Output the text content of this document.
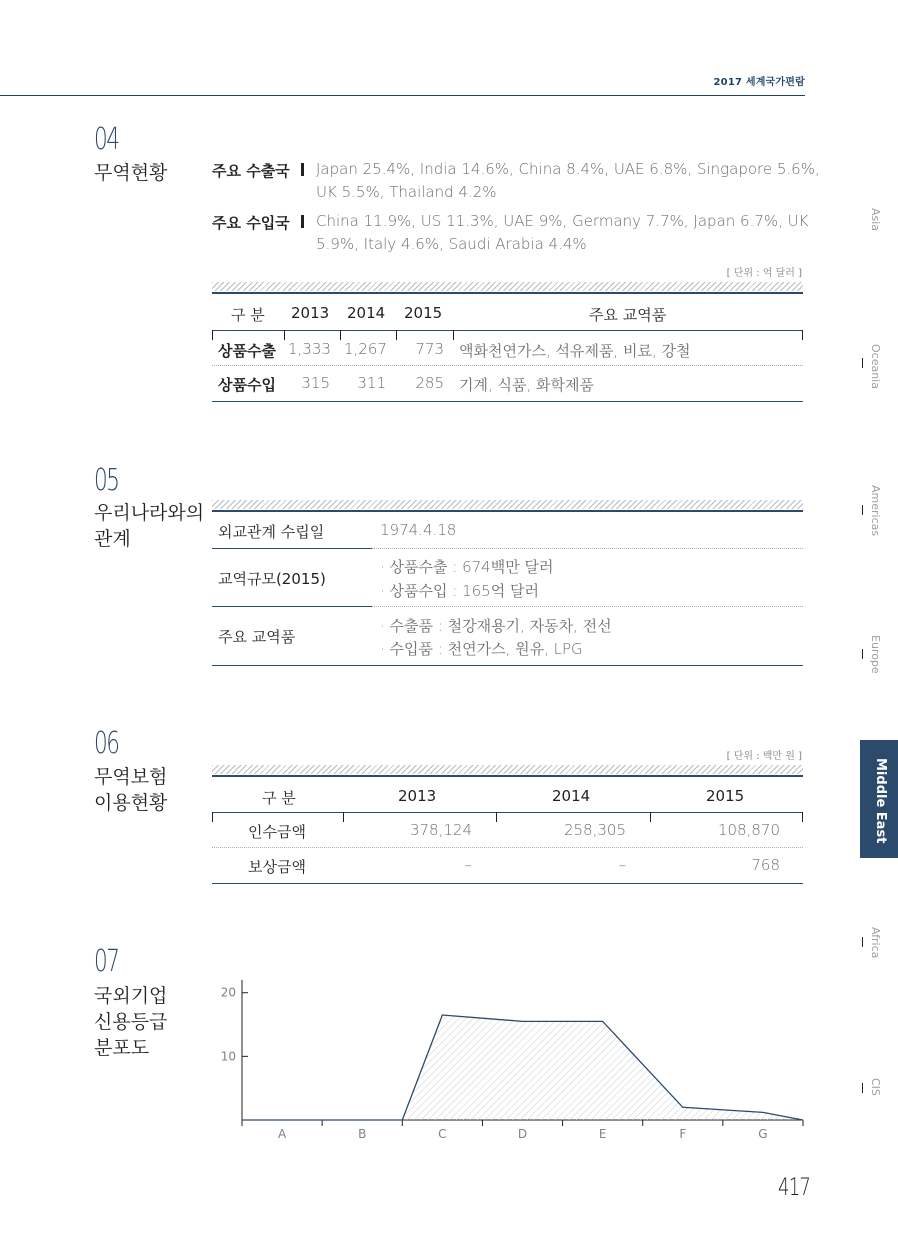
2017 세계국가편람
04
무역현황	주요 수출국 Japan 25.4%, India 14.6%, China 8.4%, UAE 6.8%, Singapore 5.6%,
UK 5.5%, Thailand 4.2%
주요 수입국 China 11.9%, US 11.3%, UAE 9%, Germany 7.7%, Japan 6.7%, UK
5.9%, Italy 4.6%, Saudi Arabia 4.4%
[ 단위 : 억 달러 ]
구 분 2013 2014 2015	주요 교역품
상품수출 1,333 1,267	773 액화천연가스, 석유제품, 비료, 강철
상품수입	315	311	285 기계, 식품, 화학제품
05
우리나라와의
관계	외교관계 수립일	1974.4.18
교역규모(2015)
· 상품수출 : 674백만 달러
· 상품수입 : 165억 달러
주요 교역품
· 수출품 : 철강재용기, 자동차, 전선
· 수입품 : 천연가스, 원유, LPG
06
무역보험
이용현황
[ 단위 : 백만 원 ]
구 분	2013	2014	2015
인수금액	378,124	258,305	108,870
보상금액	–	–	768
07
국외기업
신용등급
분포도	10
20
A	B	C	D	E	F	G
Asia
Oceania
Americas
Europe
Middle East
Africa
CIS
417
